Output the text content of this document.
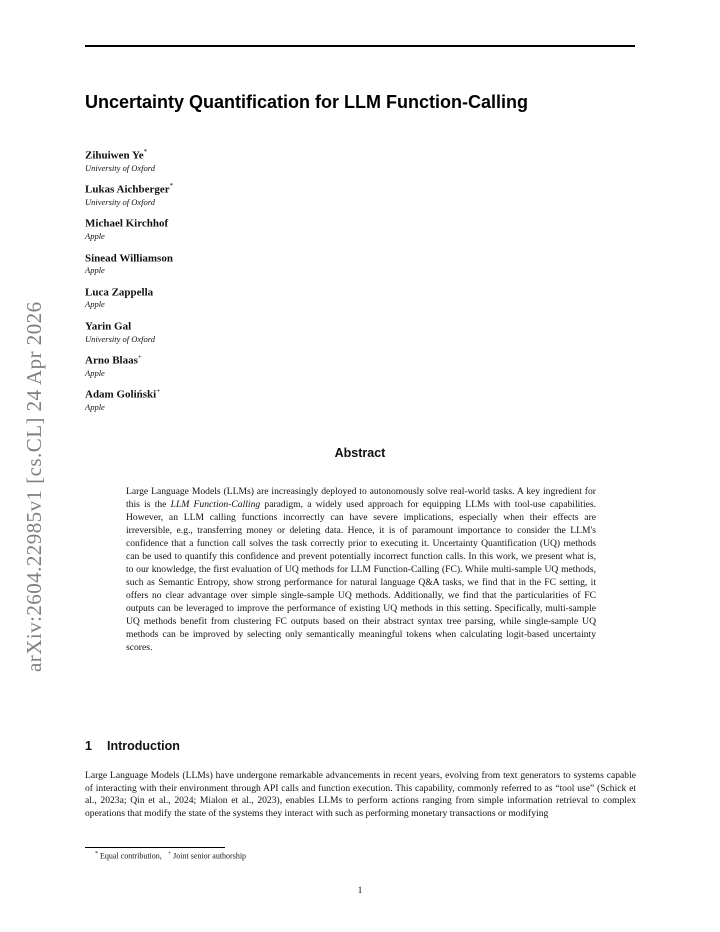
arXiv:2604.22985v1 [cs.CL] 24 Apr 2026
Uncertainty Quantification for LLM Function-Calling
Zihuiwen Ye*
University of Oxford
Lukas Aichberger*
University of Oxford
Michael Kirchhof
Apple
Sinead Williamson
Apple
Luca Zappella
Apple
Yarin Gal
University of Oxford
Arno Blaas+
Apple
Adam Goliński+
Apple
Abstract
Large Language Models (LLMs) are increasingly deployed to autonomously solve real-world tasks. A key ingredient for this is the LLM Function-Calling paradigm, a widely used approach for equipping LLMs with tool-use capabilities. However, an LLM calling functions incorrectly can have severe implications, especially when their effects are irreversible, e.g., transferring money or deleting data. Hence, it is of paramount importance to consider the LLM's confidence that a function call solves the task correctly prior to executing it. Uncertainty Quantification (UQ) methods can be used to quantify this confidence and prevent potentially incorrect function calls. In this work, we present what is, to our knowledge, the first evaluation of UQ methods for LLM Function-Calling (FC). While multi-sample UQ methods, such as Semantic Entropy, show strong performance for natural language Q&A tasks, we find that in the FC setting, it offers no clear advantage over simple single-sample UQ methods. Additionally, we find that the particularities of FC outputs can be leveraged to improve the performance of existing UQ methods in this setting. Specifically, multi-sample UQ methods benefit from clustering FC outputs based on their abstract syntax tree parsing, while single-sample UQ methods can be improved by selecting only semantically meaningful tokens when calculating logit-based uncertainty scores.
1 Introduction
Large Language Models (LLMs) have undergone remarkable advancements in recent years, evolving from text generators to systems capable of interacting with their environment through API calls and function execution. This capability, commonly referred to as “tool use” (Schick et al., 2023a; Qin et al., 2024; Mialon et al., 2023), enables LLMs to perform actions ranging from simple information retrieval to complex operations that modify the state of the systems they interact with such as performing monetary transactions or modifying
* Equal contribution, + Joint senior authorship
1
